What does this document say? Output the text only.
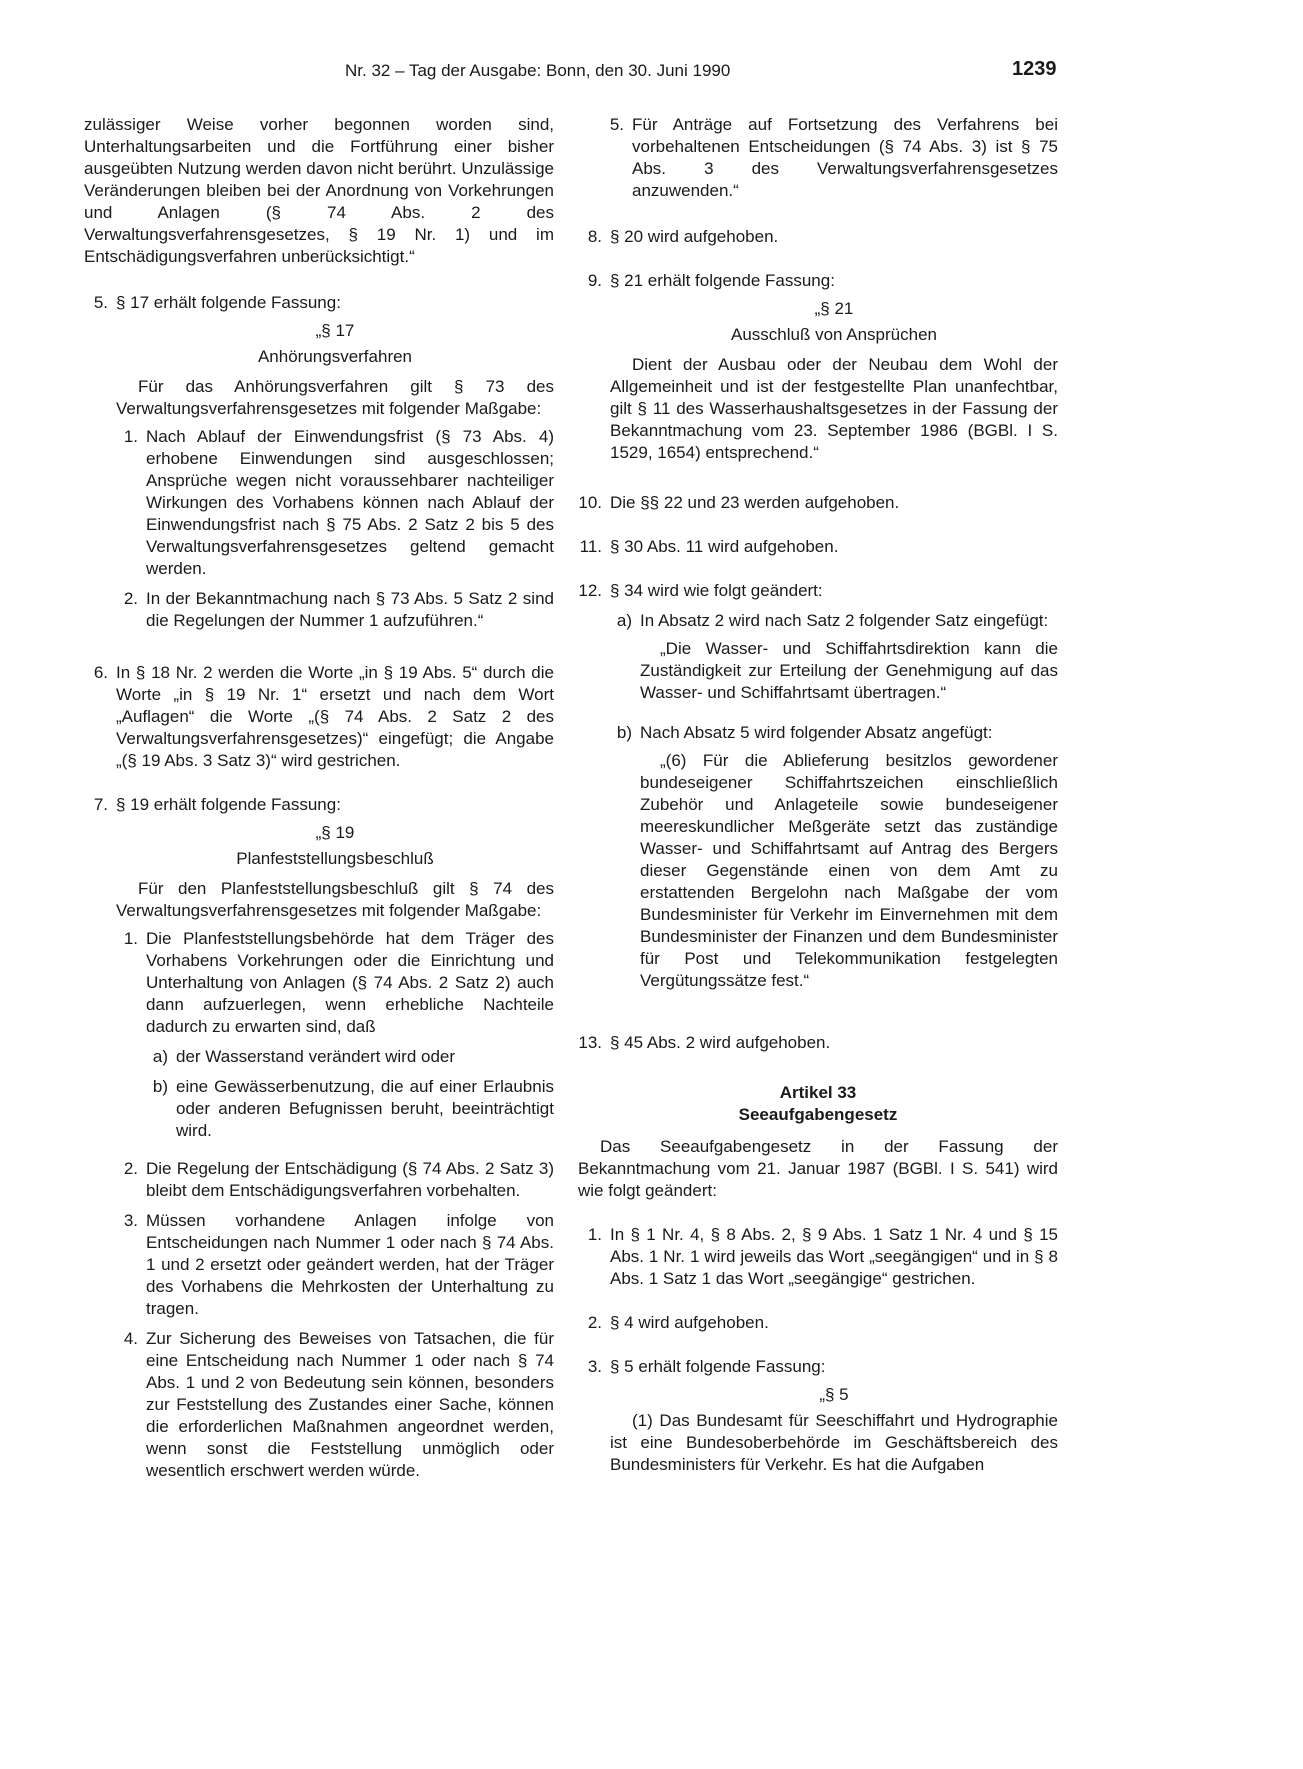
Nr. 32 – Tag der Ausgabe: Bonn, den 30. Juni 1990	1239

zulässiger Weise vorher begonnen worden sind, Unterhaltungsarbeiten und die Fortführung einer bisher ausgeübten Nutzung werden davon nicht berührt. Unzulässige Veränderungen bleiben bei der Anordnung von Vorkehrungen und Anlagen (§ 74 Abs. 2 des Verwaltungsverfahrensgesetzes, § 19 Nr. 1) und im Entschädigungsverfahren unberücksichtigt.“

5. § 17 erhält folgende Fassung:

„§ 17
Anhörungsverfahren

Für das Anhörungsverfahren gilt § 73 des Verwaltungsverfahrensgesetzes mit folgender Maßgabe:

1. Nach Ablauf der Einwendungsfrist (§ 73 Abs. 4) erhobene Einwendungen sind ausgeschlossen; Ansprüche wegen nicht voraussehbarer nachteiliger Wirkungen des Vorhabens können nach Ablauf der Einwendungsfrist nach § 75 Abs. 2 Satz 2 bis 5 des Verwaltungsverfahrensgesetzes geltend gemacht werden.

2. In der Bekanntmachung nach § 73 Abs. 5 Satz 2 sind die Regelungen der Nummer 1 aufzuführen.“

6. In § 18 Nr. 2 werden die Worte „in § 19 Abs. 5“ durch die Worte „in § 19 Nr. 1“ ersetzt und nach dem Wort „Auflagen“ die Worte „(§ 74 Abs. 2 Satz 2 des Verwaltungsverfahrensgesetzes)“ eingefügt; die Angabe „(§ 19 Abs. 3 Satz 3)“ wird gestrichen.

7. § 19 erhält folgende Fassung:

„§ 19
Planfeststellungsbeschluß

Für den Planfeststellungsbeschluß gilt § 74 des Verwaltungsverfahrensgesetzes mit folgender Maßgabe:

1. Die Planfeststellungsbehörde hat dem Träger des Vorhabens Vorkehrungen oder die Einrichtung und Unterhaltung von Anlagen (§ 74 Abs. 2 Satz 2) auch dann aufzuerlegen, wenn erhebliche Nachteile dadurch zu erwarten sind, daß

a) der Wasserstand verändert wird oder

b) eine Gewässerbenutzung, die auf einer Erlaubnis oder anderen Befugnissen beruht, beeinträchtigt wird.

2. Die Regelung der Entschädigung (§ 74 Abs. 2 Satz 3) bleibt dem Entschädigungsverfahren vorbehalten.

3. Müssen vorhandene Anlagen infolge von Entscheidungen nach Nummer 1 oder nach § 74 Abs. 1 und 2 ersetzt oder geändert werden, hat der Träger des Vorhabens die Mehrkosten der Unterhaltung zu tragen.

4. Zur Sicherung des Beweises von Tatsachen, die für eine Entscheidung nach Nummer 1 oder nach § 74 Abs. 1 und 2 von Bedeutung sein können, besonders zur Feststellung des Zustandes einer Sache, können die erforderlichen Maßnahmen angeordnet werden, wenn sonst die Feststellung unmöglich oder wesentlich erschwert werden würde.

5. Für Anträge auf Fortsetzung des Verfahrens bei vorbehaltenen Entscheidungen (§ 74 Abs. 3) ist § 75 Abs. 3 des Verwaltungsverfahrensgesetzes anzuwenden.“

8. § 20 wird aufgehoben.

9. § 21 erhält folgende Fassung:

„§ 21
Ausschluß von Ansprüchen

Dient der Ausbau oder der Neubau dem Wohl der Allgemeinheit und ist der festgestellte Plan unanfechtbar, gilt § 11 des Wasserhaushaltsgesetzes in der Fassung der Bekanntmachung vom 23. September 1986 (BGBl. I S. 1529, 1654) entsprechend.“

10. Die §§ 22 und 23 werden aufgehoben.

11. § 30 Abs. 11 wird aufgehoben.

12. § 34 wird wie folgt geändert:

a) In Absatz 2 wird nach Satz 2 folgender Satz eingefügt:

„Die Wasser- und Schiffahrtsdirektion kann die Zuständigkeit zur Erteilung der Genehmigung auf das Wasser- und Schiffahrtsamt übertragen.“

b) Nach Absatz 5 wird folgender Absatz angefügt:

„(6) Für die Ablieferung besitzlos gewordener bundeseigener Schiffahrtszeichen einschließlich Zubehör und Anlageteile sowie bundeseigener meereskundlicher Meßgeräte setzt das zuständige Wasser- und Schiffahrtsamt auf Antrag des Bergers dieser Gegenstände einen von dem Amt zu erstattenden Bergelohn nach Maßgabe der vom Bundesminister für Verkehr im Einvernehmen mit dem Bundesminister der Finanzen und dem Bundesminister für Post und Telekommunikation festgelegten Vergütungssätze fest.“

13. § 45 Abs. 2 wird aufgehoben.

Artikel 33
Seeaufgabengesetz

Das Seeaufgabengesetz in der Fassung der Bekanntmachung vom 21. Januar 1987 (BGBl. I S. 541) wird wie folgt geändert:

1. In § 1 Nr. 4, § 8 Abs. 2, § 9 Abs. 1 Satz 1 Nr. 4 und § 15 Abs. 1 Nr. 1 wird jeweils das Wort „seegängigen“ und in § 8 Abs. 1 Satz 1 das Wort „seegängige“ gestrichen.

2. § 4 wird aufgehoben.

3. § 5 erhält folgende Fassung:

„§ 5

(1) Das Bundesamt für Seeschiffahrt und Hydrographie ist eine Bundesoberbehörde im Geschäftsbereich des Bundesministers für Verkehr. Es hat die Aufgaben
